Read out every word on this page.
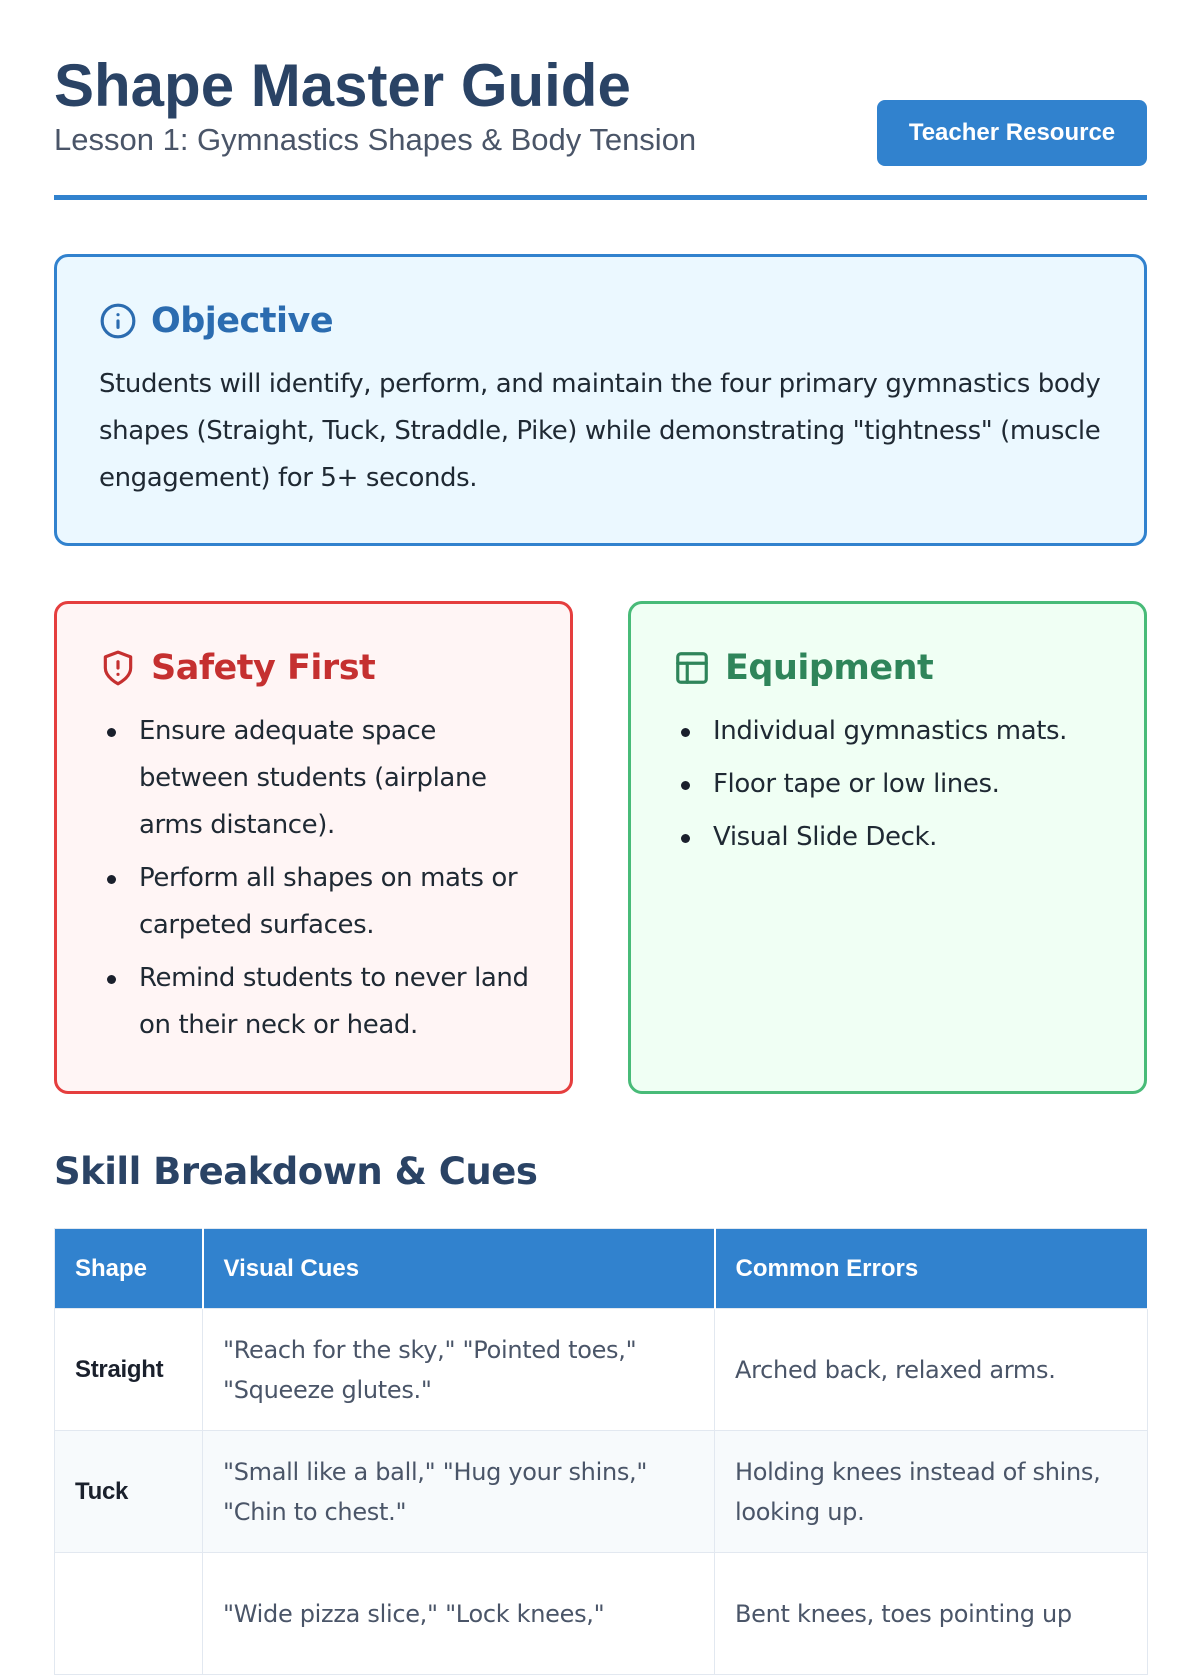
Shape Master Guide
Lesson 1: Gymnastics Shapes & Body Tension	Teacher Resource
Objective

Students will identify, perform, and maintain the four primary gymnastics body shapes (Straight, Tuck, Straddle, Pike) while demonstrating "tightness" (muscle engagement) for 5+ seconds.

Safety First
Ensure adequate space between students (airplane arms distance).
Perform all shapes on mats or carpeted surfaces.
Remind students to never land on their neck or head.
Equipment
Individual gymnastics mats.
Floor tape or low lines.
Visual Slide Deck.
Skill Breakdown & Cues
Shape	Visual Cues	Common Errors
Straight	"Reach for the sky," "Pointed toes," "Squeeze glutes."	Arched back, relaxed arms.
Tuck	"Small like a ball," "Hug your shins," "Chin to chest."	Holding knees instead of shins, looking up.
	"Wide pizza slice," "Lock knees,"	Bent knees, toes pointing up
